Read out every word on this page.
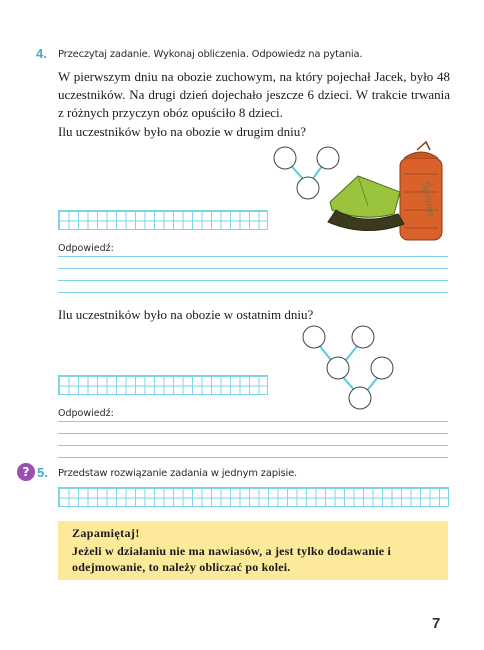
4. Przeczytaj zadanie. Wykonaj obliczenia. Odpowiedz na pytania.
W pierwszym dniu na obozie zuchowym, na który pojechał Jacek, było 48 uczestników. Na drugi dzień dojechało jeszcze 6 dzieci. W trakcie trwania z różnych przyczyn obóz opuściło 8 dzieci.
Ilu uczestników było na obozie w drugim dniu?
Śpiwór
Odpowiedź:
Ilu uczestników było na obozie w ostatnim dniu?
Odpowiedź:
? 5. Przedstaw rozwiązanie zadania w jednym zapisie.
Zapamiętaj!
Jeżeli w działaniu nie ma nawiasów, a jest tylko dodawanie i odejmowanie, to należy obliczać po kolei.
7
